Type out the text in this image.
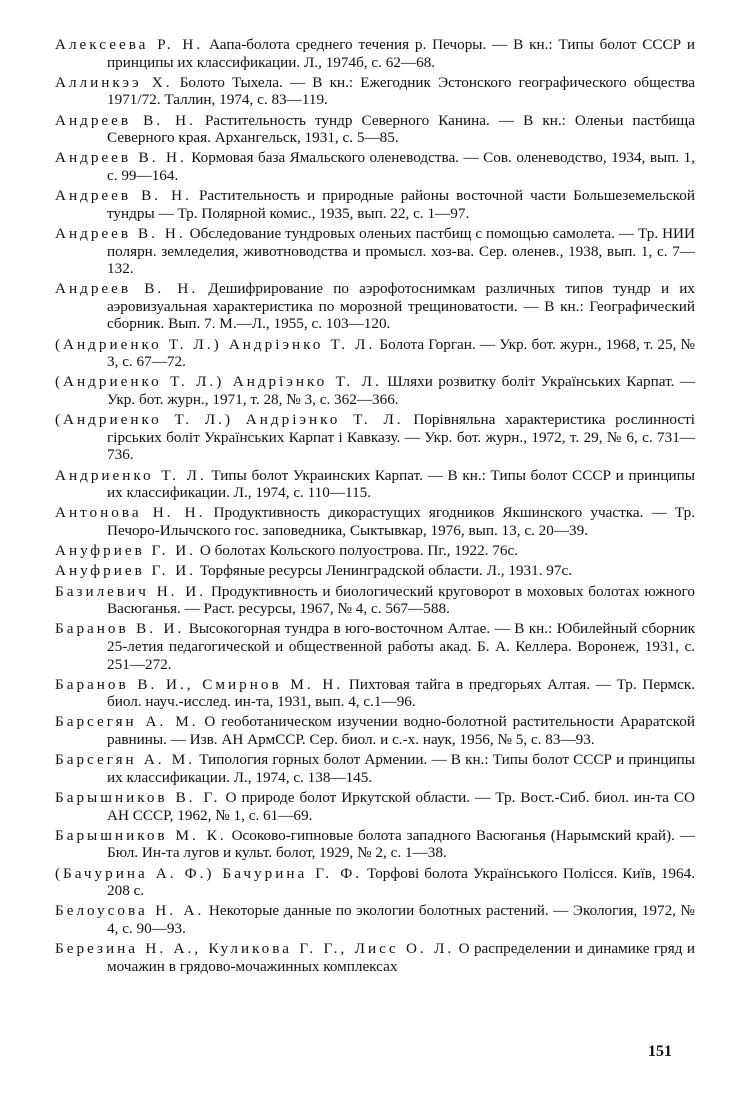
Алексеева Р. Н. Аапа-болота среднего течения р. Печоры. — В кн.: Типы болот СССР и принципы их классификации. Л., 1974б, с. 62—68.
Аллинкээ Х. Болото Тыхела. — В кн.: Ежегодник Эстонского географического общества 1971/72. Таллин, 1974, с. 83—119.
Андреев В. Н. Растительность тундр Северного Канина. — В кн.: Оленьи пастбища Северного края. Архангельск, 1931, с. 5—85.
Андреев В. Н. Кормовая база Ямальского оленеводства. — Сов. оленеводство, 1934, вып. 1, с. 99—164.
Андреев В. Н. Растительность и природные районы восточной части Большеземельской тундры — Тр. Полярной комис., 1935, вып. 22, с. 1—97.
Андреев В. Н. Обследование тундровых оленьих пастбищ с помощью самолета. — Тр. НИИ полярн. земледелия, животноводства и промысл. хоз-ва. Сер. оленев., 1938, вып. 1, с. 7—132.
Андреев В. Н. Дешифрирование по аэрофотоснимкам различных типов тундр и их аэровизуальная характеристика по морозной трещиноватости. — В кн.: Географический сборник. Вып. 7. М.—Л., 1955, с. 103—120.
(Андриенко Т. Л.) Андрiэнко Т. Л. Болота Горган. — Укр. бот. журн., 1968, т. 25, № 3, с. 67—72.
(Андриенко Т. Л.) Андрiэнко Т. Л. Шляхи розвитку боліт Українських Карпат. — Укр. бот. журн., 1971, т. 28, № 3, с. 362—366.
(Андриенко Т. Л.) Андрiэнко Т. Л. Порівняльна характеристика рослинності гірських боліт Українських Карпат і Кавказу. — Укр. бот. журн., 1972, т. 29, № 6, с. 731—736.
Андриенко Т. Л. Типы болот Украинских Карпат. — В кн.: Типы болот СССР и принципы их классификации. Л., 1974, с. 110—115.
Антонова Н. Н. Продуктивность дикорастущих ягодников Якшинского участка. — Тр. Печоро-Илычского гос. заповедника, Сыктывкар, 1976, вып. 13, с. 20—39.
Ануфриев Г. И. О болотах Кольского полуострова. Пг., 1922. 76с.
Ануфриев Г. И. Торфяные ресурсы Ленинградской области. Л., 1931. 97с.
Базилевич Н. И. Продуктивность и биологический круговорот в моховых болотах южного Васюганья. — Раст. ресурсы, 1967, № 4, с. 567—588.
Баранов В. И. Высокогорная тундра в юго-восточном Алтае. — В кн.: Юбилейный сборник 25-летия педагогической и общественной работы акад. Б. А. Келлера. Воронеж, 1931, с. 251—272.
Баранов В. И., Смирнов М. Н. Пихтовая тайга в предгорьях Алтая. — Тр. Пермск. биол. науч.-исслед. ин-та, 1931, вып. 4, с.1—96.
Барсегян А. М. О геоботаническом изучении водно-болотной растительности Араратской равнины. — Изв. АН АрмССР. Сер. биол. и с.-х. наук, 1956, № 5, с. 83—93.
Барсегян А. М. Типология горных болот Армении. — В кн.: Типы болот СССР и принципы их классификации. Л., 1974, с. 138—145.
Барышников В. Г. О природе болот Иркутской области. — Тр. Вост.-Сиб. биол. ин-та СО АН СССР, 1962, № 1, с. 61—69.
Барышников М. К. Осоково-гипновые болота западного Васюганья (Нарымский край). — Бюл. Ин-та лугов и культ. болот, 1929, № 2, с. 1—38.
(Бачурина А. Ф.) Бачурина Г. Ф. Торфові болота Українського Полісся. Київ, 1964. 208 с.
Белоусова Н. А. Некоторые данные по экологии болотных растений. — Экология, 1972, № 4, с. 90—93.
Березина Н. А., Куликова Г. Г., Лисс О. Л. О распределении и динамике гряд и мочажин в грядово-мочажинных комплексах
151
